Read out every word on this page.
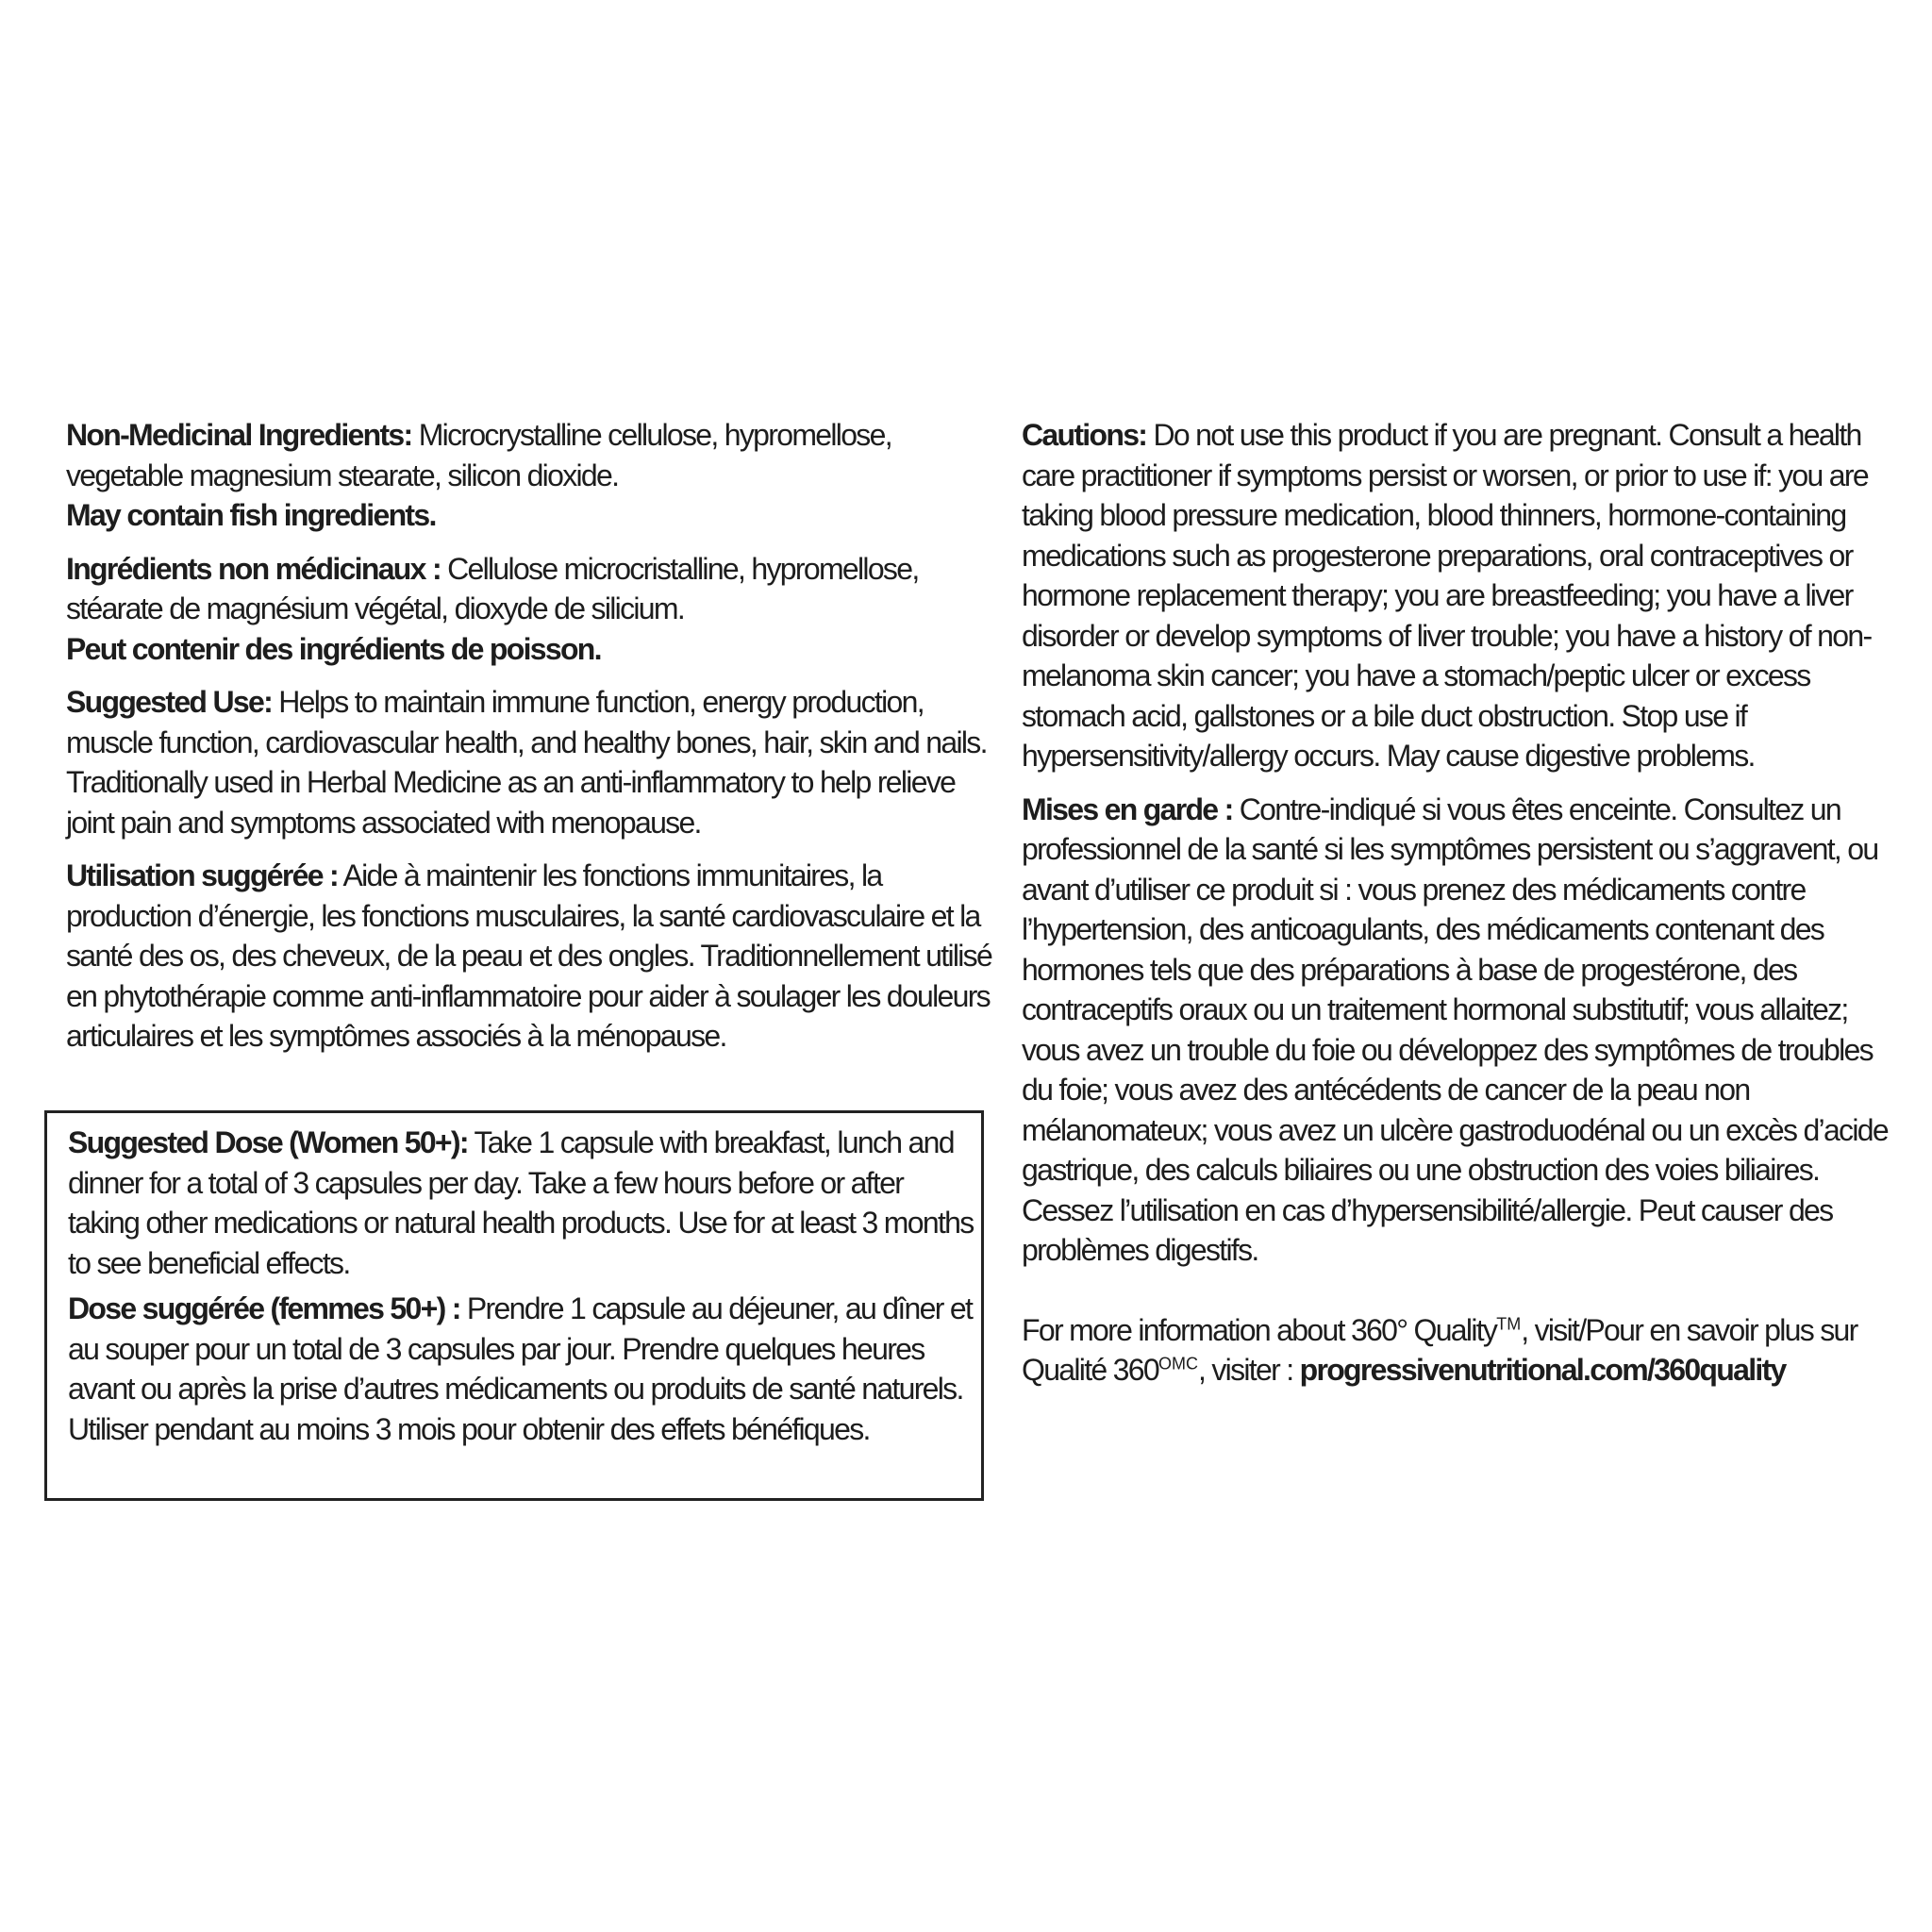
Non-Medicinal Ingredients: Microcrystalline cellulose, hypromellose, vegetable magnesium stearate, silicon dioxide.
May contain fish ingredients.

Ingrédients non médicinaux : Cellulose microcristalline, hypromellose, stéarate de magnésium végétal, dioxyde de silicium.
Peut contenir des ingrédients de poisson.

Suggested Use: Helps to maintain immune function, energy production, muscle function, cardiovascular health, and healthy bones, hair, skin and nails. Traditionally used in Herbal Medicine as an anti-inflammatory to help relieve joint pain and symptoms associated with menopause.

Utilisation suggérée : Aide à maintenir les fonctions immunitaires, la production d’énergie, les fonctions musculaires, la santé cardiovasculaire et la santé des os, des cheveux, de la peau et des ongles. Traditionnellement utilisé en phytothérapie comme anti-inflammatoire pour aider à soulager les douleurs articulaires et les symptômes associés à la ménopause.

Suggested Dose (Women 50+): Take 1 capsule with breakfast, lunch and dinner for a total of 3 capsules per day. Take a few hours before or after taking other medications or natural health products. Use for at least 3 months to see beneficial effects.

Dose suggérée (femmes 50+) : Prendre 1 capsule au déjeuner, au dîner et au souper pour un total de 3 capsules par jour. Prendre quelques heures avant ou après la prise d’autres médicaments ou produits de santé naturels. Utiliser pendant au moins 3 mois pour obtenir des effets bénéfiques.

Cautions: Do not use this product if you are pregnant. Consult a health care practitioner if symptoms persist or worsen, or prior to use if: you are taking blood pressure medication, blood thinners, hormone-containing medications such as progesterone preparations, oral contraceptives or hormone replacement therapy; you are breastfeeding; you have a liver disorder or develop symptoms of liver trouble; you have a history of non-melanoma skin cancer; you have a stomach/peptic ulcer or excess stomach acid, gallstones or a bile duct obstruction. Stop use if hypersensitivity/allergy occurs. May cause digestive problems.

Mises en garde : Contre-indiqué si vous êtes enceinte. Consultez un professionnel de la santé si les symptômes persistent ou s’aggravent, ou avant d’utiliser ce produit si : vous prenez des médicaments contre l’hypertension, des anticoagulants, des médicaments contenant des hormones tels que des préparations à base de progestérone, des contraceptifs oraux ou un traitement hormonal substitutif; vous allaitez; vous avez un trouble du foie ou développez des symptômes de troubles du foie; vous avez des antécédents de cancer de la peau non mélanomateux; vous avez un ulcère gastroduodénal ou un excès d’acide gastrique, des calculs biliaires ou une obstruction des voies biliaires. Cessez l’utilisation en cas d’hypersensibilité/allergie. Peut causer des problèmes digestifs.

For more information about 360° Quality™, visit/Pour en savoir plus sur Qualité $360^{OMC}$, visiter : progressivenutritional.com/360quality
